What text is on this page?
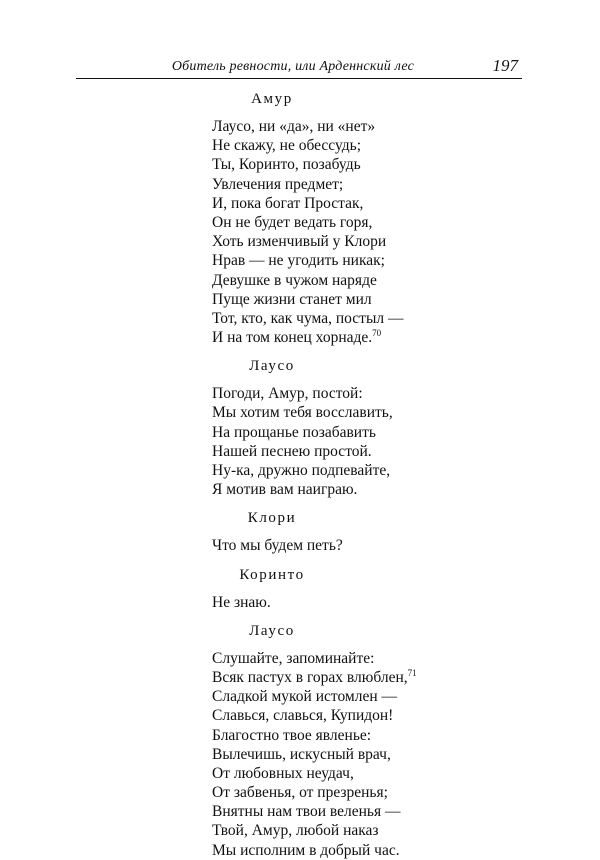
Обитель ревности, или Арденнский лес	197
Амур
Лаусо, ни «да», ни «нет»
Не скажу, не обессудь;
Ты, Коринто, позабудь
Увлечения предмет;
И, пока богат Простак,
Он не будет ведать горя,
Хоть изменчивый у Клори
Нрав — не угодить никак;
Девушке в чужом наряде
Пуще жизни станет мил
Тот, кто, как чума, постыл —
И на том конец хорнаде.$^{70}$
Лаусо
Погоди, Амур, постой:
Мы хотим тебя восславить,
На прощанье позабавить
Нашей песнею простой.
Ну-ка, дружно подпевайте,
Я мотив вам наиграю.
Клори
Что мы будем петь?
Коринто
Не знаю.
Лаусо
Слушайте, запоминайте:
Всяк пастух в горах влюблен,$^{71}$
Сладкой мукой истомлен —
Славься, славься, Купидон!
Благостно твое явленье:
Вылечишь, искусный врач,
От любовных неудач,
От забвенья, от презренья;
Внятны нам твои веленья —
Твой, Амур, любой наказ
Мы исполним в добрый час.
